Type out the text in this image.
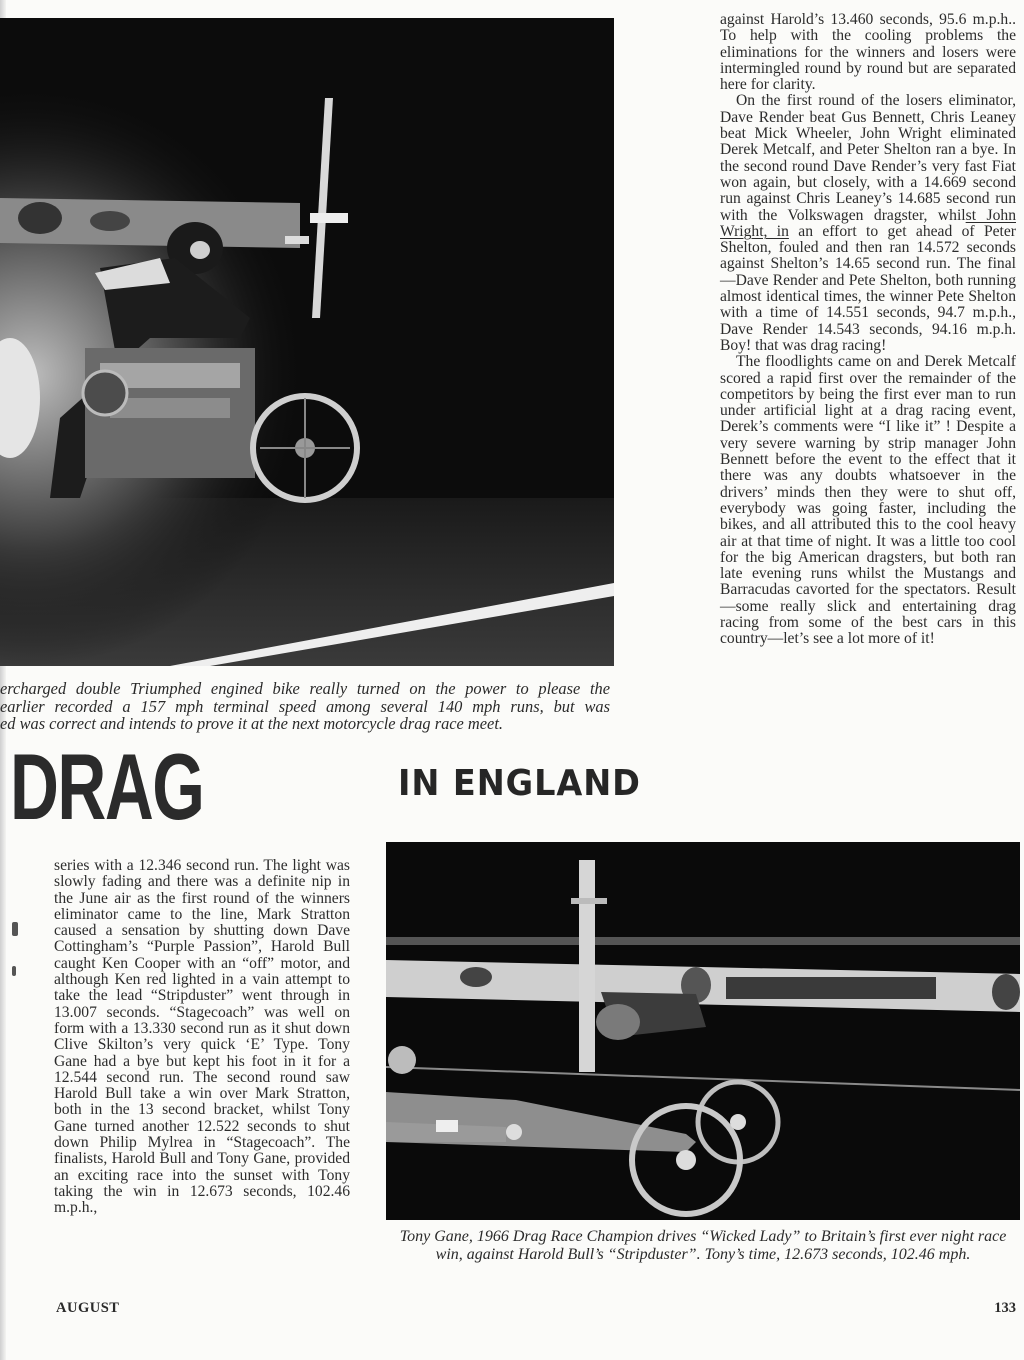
ercharged double Triumphed engined bike really turned on the power to please the
earlier recorded a 157 mph terminal speed among several 140 mph runs, but was
ed was correct and intends to prove it at the next motorcycle drag race meet.
DRAG	IN ENGLAND

against Harold’s 13.460 seconds, 95.6 m.p.h.. To help with the cooling problems the eliminations for the winners and losers were intermingled round by round but are separated here for clarity.

On the first round of the losers eliminator, Dave Render beat Gus Bennett, Chris Leaney beat Mick Wheeler, John Wright eliminated Derek Metcalf, and Peter Shelton ran a bye. In the second round Dave Render’s very fast Fiat won again, but closely, with a 14.669 second run against Chris Leaney’s 14.685 second run with the Volkswagen dragster, whilst John Wright, in an effort to get ahead of Peter Shelton, fouled and then ran 14.572 seconds against Shelton’s 14.65 second run. The final—Dave Render and Pete Shelton, both running almost identical times, the winner Pete Shelton with a time of 14.551 seconds, 94.7 m.p.h., Dave Render 14.543 seconds, 94.16 m.p.h. Boy! that was drag racing!

The floodlights came on and Derek Metcalf scored a rapid first over the remainder of the competitors by being the first ever man to run under artificial light at a drag racing event, Derek’s comments were “I like it” ! Despite a very severe warning by strip manager John Bennett before the event to the effect that it there was any doubts whatsoever in the drivers’ minds then they were to shut off, everybody was going faster, including the bikes, and all attributed this to the cool heavy air at that time of night. It was a little too cool for the big American dragsters, but both ran late evening runs whilst the Mustangs and Barracudas cavorted for the spectators. Result—some really slick and entertaining drag racing from some of the best cars in this country—let’s see a lot more of it!

series with a 12.346 second run. The light was slowly fading and there was a definite nip in the June air as the first round of the winners eliminator came to the line, Mark Stratton caused a sensation by shutting down Dave Cottingham’s “Purple Passion”, Harold Bull caught Ken Cooper with an “off” motor, and although Ken red lighted in a vain attempt to take the lead “Stripduster” went through in 13.007 seconds. “Stagecoach” was well on form with a 13.330 second run as it shut down Clive Skilton’s very quick ‘E’ Type. Tony Gane had a bye but kept his foot in it for a 12.544 second run. The second round saw Harold Bull take a win over Mark Stratton, both in the 13 second bracket, whilst Tony Gane turned another 12.522 seconds to shut down Philip Mylrea in “Stagecoach”. The finalists, Harold Bull and Tony Gane, provided an exciting race into the sunset with Tony taking the win in 12.673 seconds, 102.46 m.p.h.,

Tony Gane, 1966 Drag Race Champion drives “Wicked Lady” to Britain’s first ever night race win, against Harold Bull’s “Stripduster”. Tony’s time, 12.673 seconds, 102.46 mph.
AUGUST	133
